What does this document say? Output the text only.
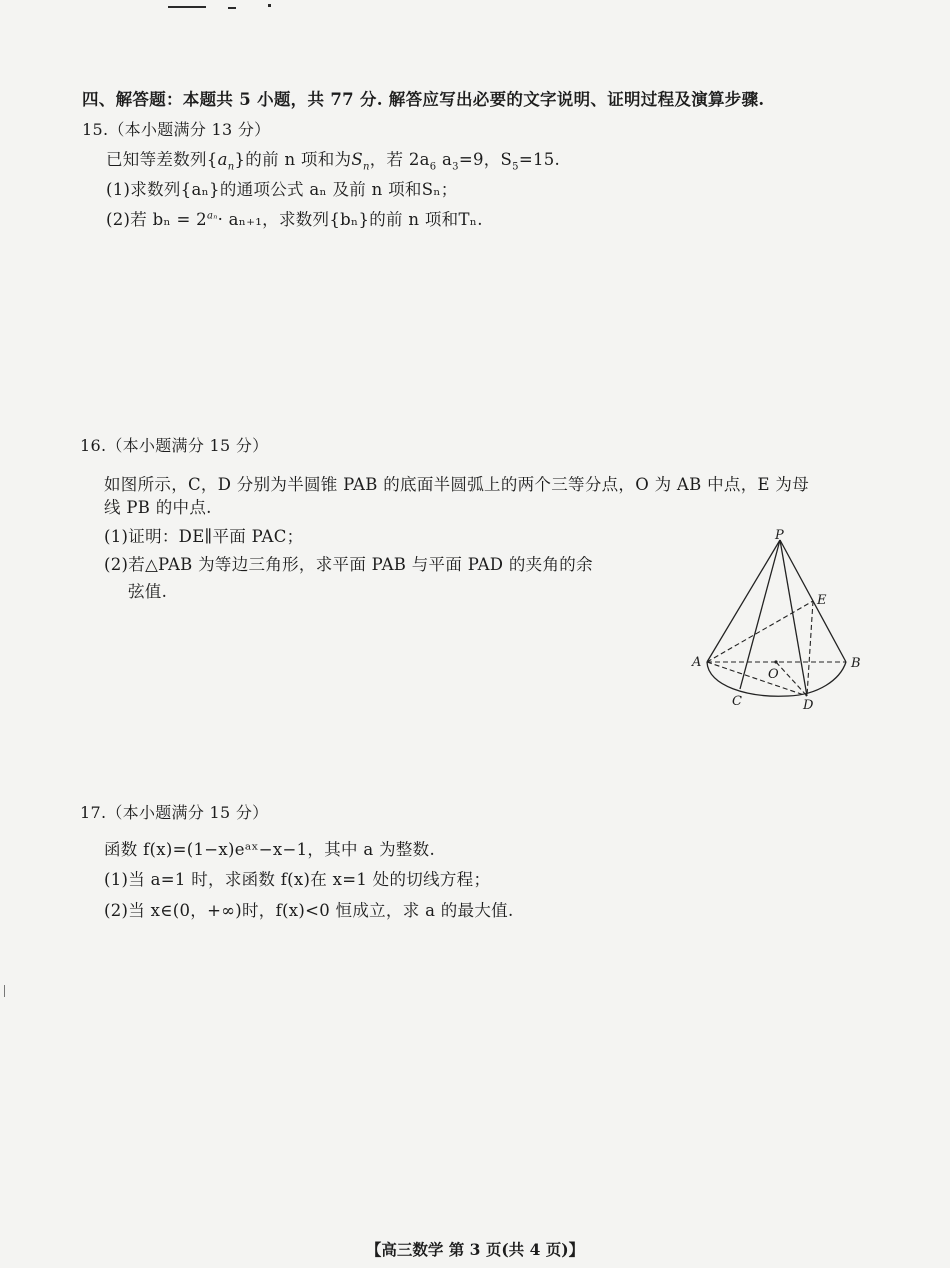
四、解答题：本题共 5 小题，共 77 分. 解答应写出必要的文字说明、证明过程及演算步骤.
15.（本小题满分 13 分）
已知等差数列$\{a_n\}$的前 n 项和为$S_n$，若 $2a_6$ $a_3=9$，$S_5=15$.
(1)求数列{aₙ}的通项公式 aₙ 及前 n 项和Sₙ；
(2)若 $b_n = 2^{a_n}\cdot a_{n+1}$，求数列{bₙ}的前 n 项和Tₙ.
16.（本小题满分 15 分）
如图所示，C，D 分别为半圆锥 PAB 的底面半圆弧上的两个三等分点，O 为 AB 中点，E 为母
线 PB 的中点.
(1)证明：DE∥平面 PAC；
(2)若△PAB 为等边三角形，求平面 PAB 与平面 PAD 的夹角的余
弦值.
P
E
A	B
O
C	D
17.（本小题满分 15 分）
函数 f(x)=(1−x)eᵃˣ−x−1，其中 a 为整数.
(1)当 a=1 时，求函数 f(x)在 x=1 处的切线方程；
(2)当 x∈(0，+∞)时，f(x)<0 恒成立，求 a 的最大值.
【高三数学 第 3 页(共 4 页)】
